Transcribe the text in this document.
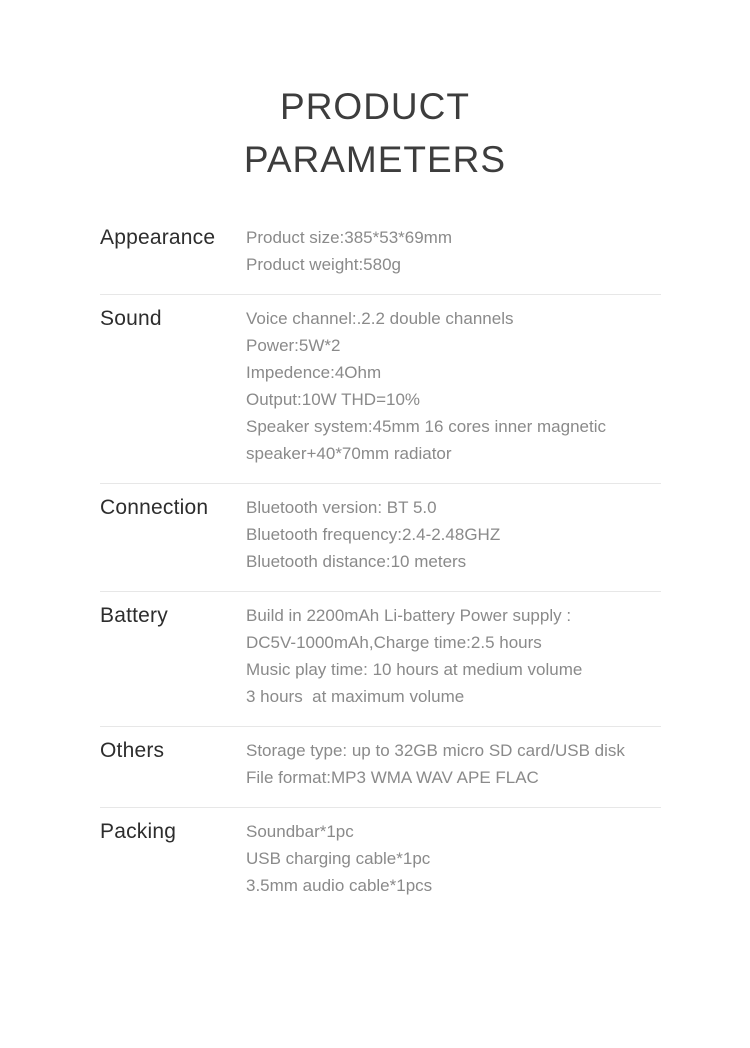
PRODUCT
PARAMETERS
Appearance	Product size:385*53*69mm
Product weight:580g
Sound	Voice channel:.2.2 double channels
Power:5W*2
Impedence:4Ohm
Output:10W THD=10%
Speaker system:45mm 16 cores inner magnetic
speaker+40*70mm radiator
Connection	Bluetooth version: BT 5.0
Bluetooth frequency:2.4-2.48GHZ
Bluetooth distance:10 meters
Battery	Build in 2200mAh Li-battery Power supply :
DC5V-1000mAh,Charge time:2.5 hours
Music play time: 10 hours at medium volume
3 hours  at maximum volume
Others	Storage type: up to 32GB micro SD card/USB disk
File format:MP3 WMA WAV APE FLAC
Packing	Soundbar*1pc
USB charging cable*1pc
3.5mm audio cable*1pcs
